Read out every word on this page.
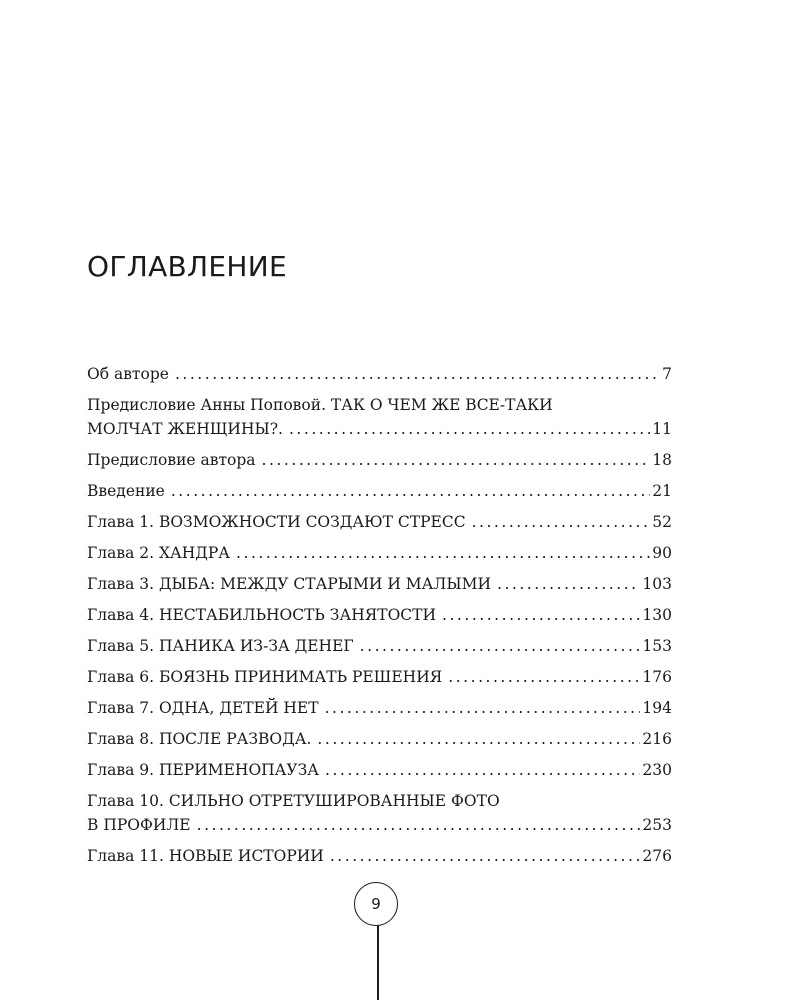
ОГЛАВЛЕНИЕ
Об авторе . . .	7
Предисловие Анны Поповой. ТАК О ЧЕМ ЖЕ ВСЕ-ТАКИ
МОЛЧАТ ЖЕНЩИНЫ?. . . .	11
Предисловие автора . . .	18
Введение . . .	21
Глава 1. ВОЗМОЖНОСТИ СОЗДАЮТ СТРЕСС . . .	52
Глава 2. ХАНДРА . . .	90
Глава 3. ДЫБА: МЕЖДУ СТАРЫМИ И МАЛЫМИ . . .	103
Глава 4. НЕСТАБИЛЬНОСТЬ ЗАНЯТОСТИ . . .	130
Глава 5. ПАНИКА ИЗ-ЗА ДЕНЕГ . . .	153
Глава 6. БОЯЗНЬ ПРИНИМАТЬ РЕШЕНИЯ . . .	176
Глава 7. ОДНА, ДЕТЕЙ НЕТ . . .	194
Глава 8. ПОСЛЕ РАЗВОДА. . . .	216
Глава 9. ПЕРИМЕНОПАУЗА . . .	230
Глава 10. СИЛЬНО ОТРЕТУШИРОВАННЫЕ ФОТО
В ПРОФИЛЕ . . .	253
Глава 11. НОВЫЕ ИСТОРИИ . . .	276
9
